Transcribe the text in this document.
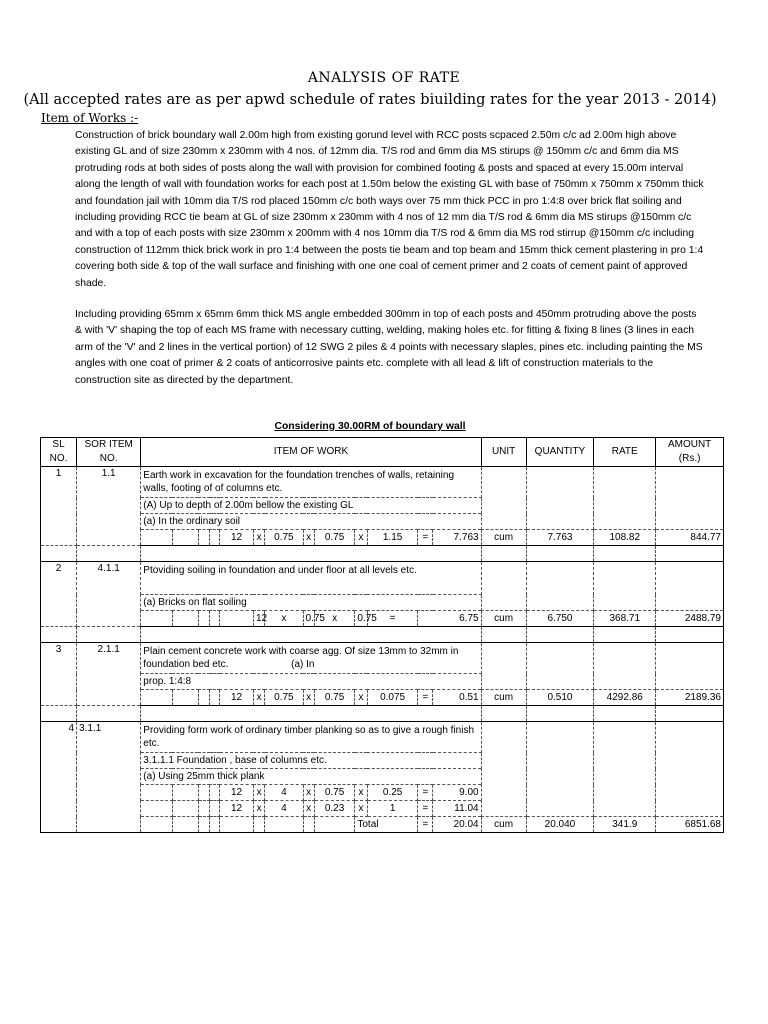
ANALYSIS OF RATE
(All accepted rates are as per apwd schedule of rates biuilding rates for the year 2013 - 2014)
Item of Works :-
Construction of brick boundary wall 2.00m high from existing gorund level with RCC posts scpaced 2.50m c/c ad 2.00m high above existing GL and of size 230mm x 230mm with 4 nos. of 12mm dia. T/S rod and 6mm dia MS stirups @ 150mm c/c and 6mm dia MS protruding rods at both sides of posts along the wall with provision for combined footing & posts and spaced at every 15.00m interval along the length of wall with foundation works for each post at 1.50m below the existing GL with base of 750mm x 750mm x 750mm thick and foundation jail with 10mm dia T/S rod placed 150mm c/c both ways over 75 mm thick PCC in pro 1:4:8 over brick flat soiling and including providing RCC tie beam at GL of size 230mm x 230mm with 4 nos of 12 mm dia T/S rod & 6mm dia MS stirups @150mm c/c and with a top of each posts with size 230mm x 200mm with 4 nos 10mm dia T/S rod & 6mm dia MS rod stirrup @150mm c/c including construction of 112mm thick brick work in pro 1:4 between the posts tie beam and top beam and 15mm thick cement plastering in pro 1:4 covering both side & top of the wall surface and finishing with one one coal of cement primer and 2 coats of cement paint of approved shade.
Including providing 65mm x 65mm 6mm thick MS angle embedded 300mm in top of each posts and 450mm protruding above the posts & with 'V' shaping the top of each MS frame with necessary cutting, welding, making holes etc. for fitting & fixing 8 lines (3 lines in each arm of the 'V' and 2 lines in the vertical portion) of 12 SWG 2 piles & 4 points with necessary slaples, pines etc. including painting the MS angles with one coat of primer & 2 coats of anticorrosive paints etc. complete with all lead & lift of construction materials to the construction site as directed by the department.
Considering 30.00RM of boundary wall
SL NO.	SOR ITEM NO.	ITEM OF WORK													UNIT	QUANTITY	RATE	AMOUNT (Rs.)
1	1.1	Earth work in excavation for the foundation trenches of walls, retaining walls, footing of of columns etc.																
		(A) Up to depth of 2.00m bellow the existing GL																
		(a) In the ordinary soil																
						12	x	0.75	x	0.75	x	1.15	=	7.763	cum	7.763	108.82	844.77

2	4.1.1	Ptoviding soiling in foundation and under floor at all levels etc.																
		(a) Bricks on flat soiling																
							12	x	0.75	x	0.75	=	6.75		cum	6.750	368.71	2488.79

3	2.1.1	Plain cement concrete work with coarse agg. Of size 13mm to 32mm in foundation bed etc. (a) In																
		prop. 1:4:8																
						12	x	0.75	x	0.75	x	0.075	=	0.51	cum	0.510	4292.86	2189.36

4	3.1.1	Providing form work of ordinary timber planking so as to give a rough finish etc.																
		3.1.1.1 Foundation , base of columns etc.																
		(a) Using 25mm thick plank																
						12	x	4	x	0.75	x	0.25	=	9.00				
						12	x	4	x	0.23	x	1	=	11.04				
											Total		=	20.04	cum	20.040	341.9	6851.68
